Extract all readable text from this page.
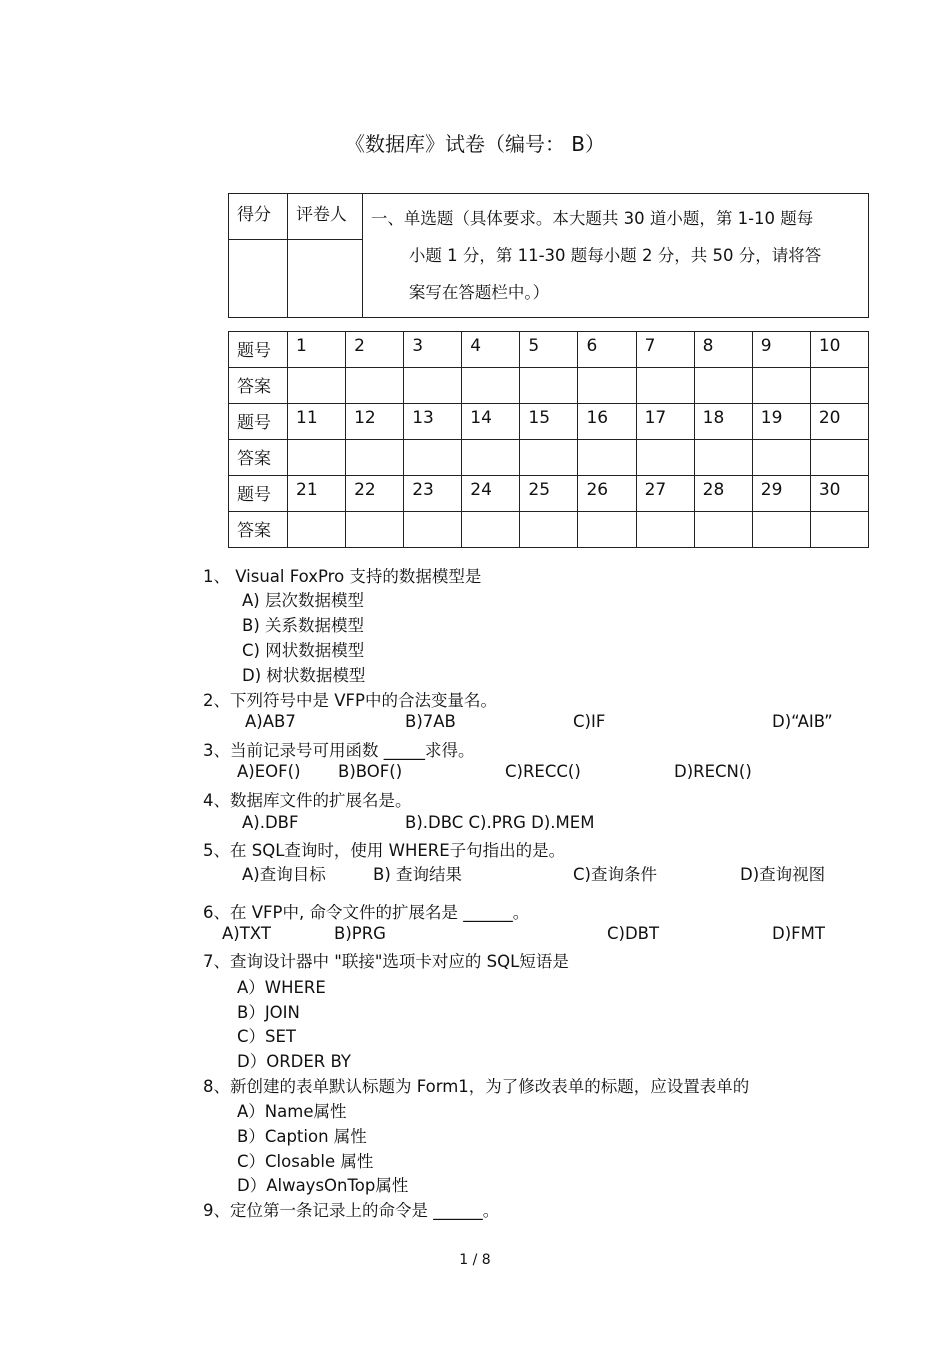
《数据库》试卷（编号： B）
得分	评卷人	一、单选题（具体要求。本大题共 30 道小题，第 1-10 题每
小题 1 分，第 11-30 题每小题 2 分，共 50 分，请将答
案写在答题栏中。）

题号	1	2	3	4	5	6	7	8	9	10
答案										
题号	11	12	13	14	15	16	17	18	19	20
答案										
题号	21	22	23	24	25	26	27	28	29	30
答案										
1、 Visual FoxPro 支持的数据模型是
A) 层次数据模型
B) 关系数据模型
C) 网状数据模型
D) 树状数据模型
2、下列符号中是 VFP中的合法变量名。
A)AB7	B)7AB	C)IF	D)“AIB”
3、当前记录号可用函数 _____求得。
A)EOF() B)BOF()	C)RECC()	D)RECN()
4、数据库文件的扩展名是。
A).DBF	B).DBC C).PRG D).MEM
5、在 SQL查询时，使用 WHERE子句指出的是。
A)查询目标	B) 查询结果	C)查询条件	D)查询视图
6、在 VFP中, 命令文件的扩展名是 ______。
A)TXT	B)PRG	C)DBT	D)FMT
7、查询设计器中 "联接"选项卡对应的 SQL短语是
A）WHERE
B）JOIN
C）SET
D）ORDER BY
8、新创建的表单默认标题为 Form1，为了修改表单的标题，应设置表单的
A）Name属性
B）Caption 属性
C）Closable 属性
D）AlwaysOnTop属性
9、定位第一条记录上的命令是 ______。
1 / 8
